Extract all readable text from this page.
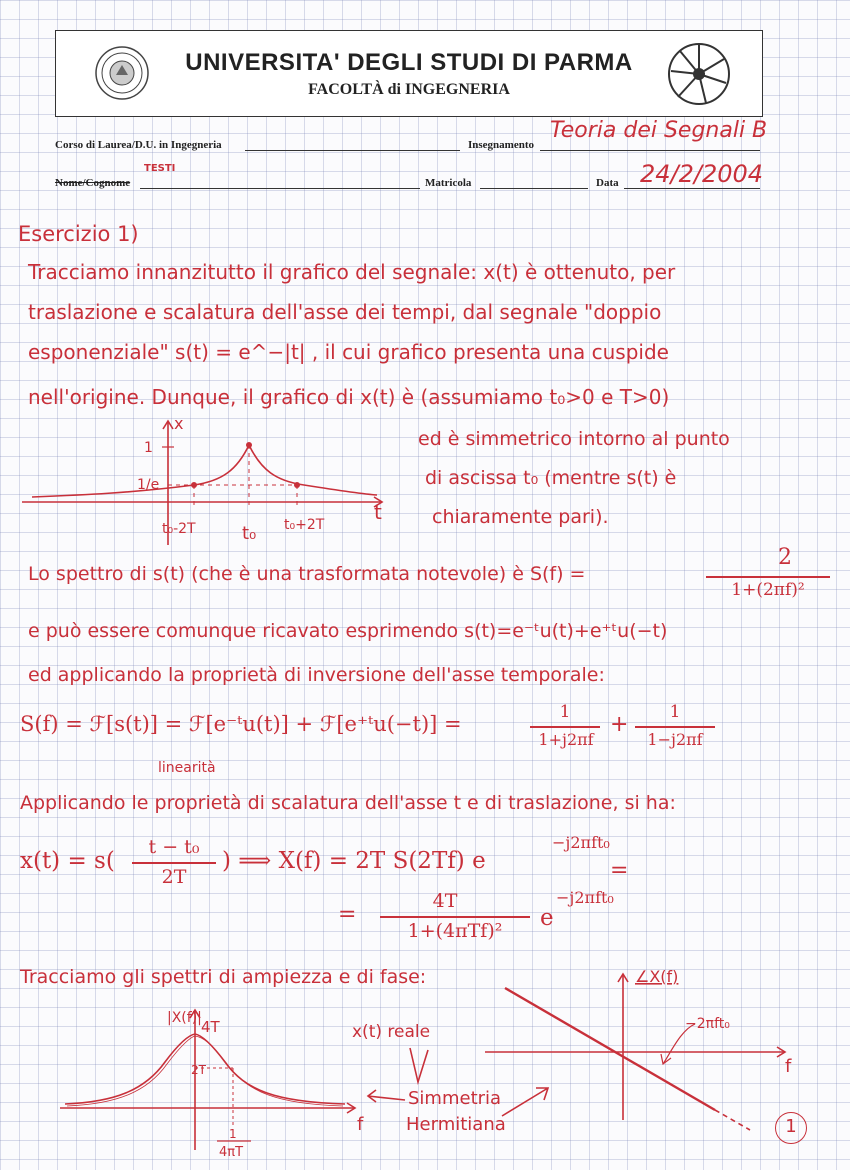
UNIVERSITA' DEGLI STUDI DI PARMA
FACOLTÀ di INGEGNERIA
Corso di Laurea/D.U. in Ingegneria	Insegnamento
Teoria dei Segnali B
Nome/Cognome
TESTI
Matricola	Data 24/2/2004
Esercizio 1)
Tracciamo innanzitutto il grafico del segnale: x(t) è ottenuto, per
traslazione e scalatura dell'asse dei tempi, dal segnale "doppio
esponenziale" s(t) = e^−|t| , il cui grafico presenta una cuspide
nell'origine. Dunque, il grafico di x(t) è (assumiamo t₀>0 e T>0)
x
1
1/e
t₀-2T	t₀ t₀+2T
t
ed è simmetrico intorno al punto
di ascissa t₀ (mentre s(t) è
chiaramente pari).
Lo spettro di s(t) (che è una trasformata notevole) è S(f) =
2
1+(2πf)²
e può essere comunque ricavato esprimendo s(t)=e⁻ᵗu(t)+e⁺ᵗu(−t)
ed applicando la proprietà di inversione dell'asse temporale:
S(f) = ℱ[s(t)] = ℱ[e⁻ᵗu(t)] + ℱ[e⁺ᵗu(−t)] =	1
1+j2πf
+	1
1−j2πf
linearità
Applicando le proprietà di scalatura dell'asse t e di traslazione, si ha:
x(t) = s(
t − t₀
2T
) ⟹ X(f) = 2T S(2Tf) e
−j2πft₀
=
=
4T
1+(4πTf)²	e
−j2πft₀
Tracciamo gli spettri di ampiezza e di fase:
|X(f)| 4T
2T
f
1
4πT
x(t) reale
Simmetria
Hermitiana
∠X(f)
−2πft₀
f
1
